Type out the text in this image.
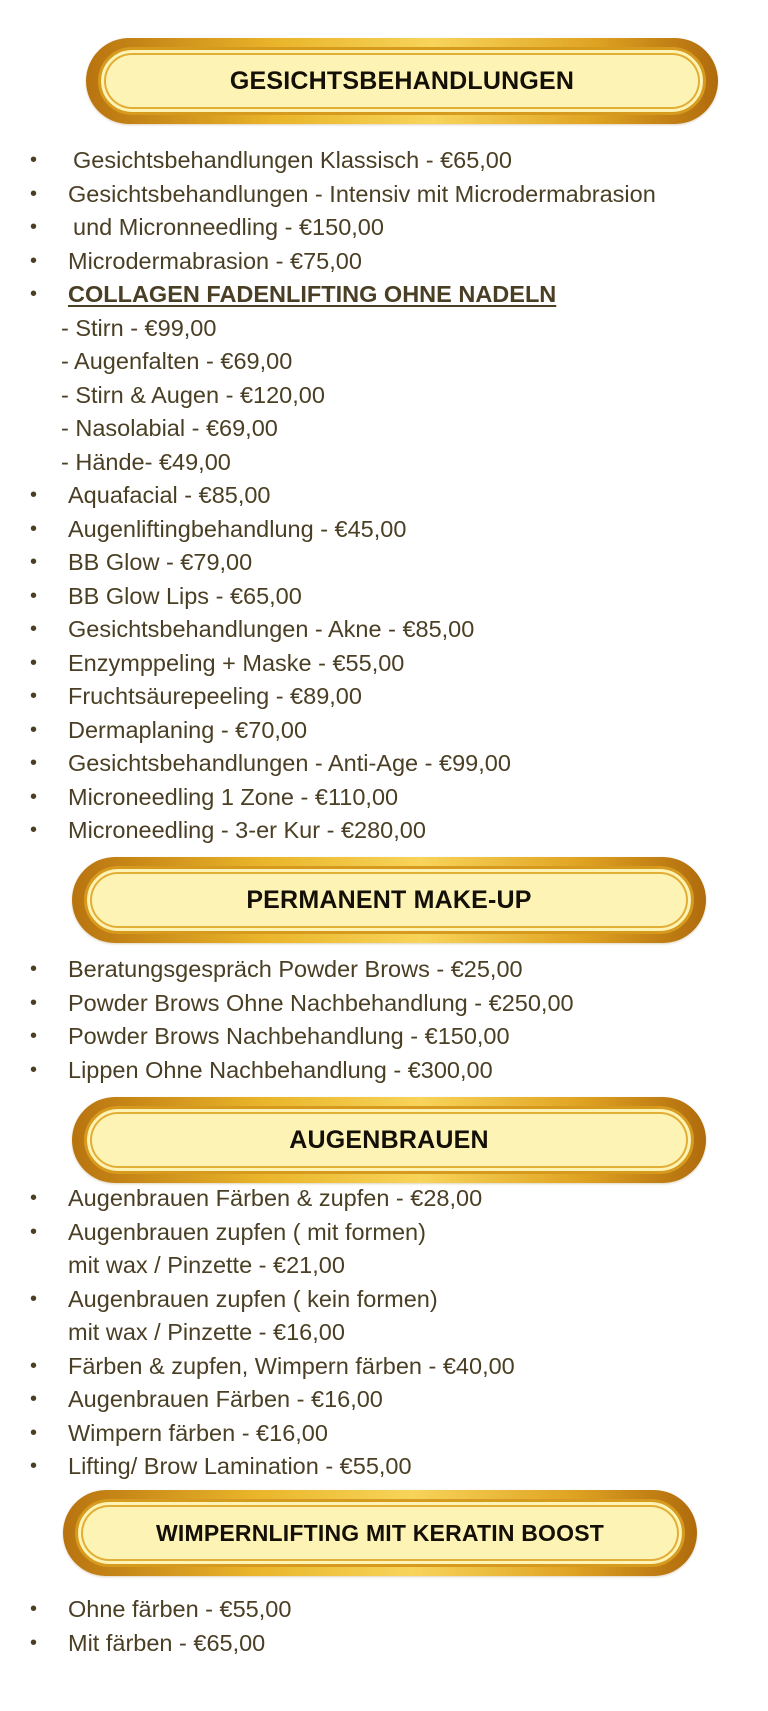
GESICHTSBEHANDLUNGEN
• Gesichtsbehandlungen Klassisch - €65,00
• Gesichtsbehandlungen - Intensiv mit Microdermabrasion
• und Micronneedling - €150,00
• Microdermabrasion - €75,00
• COLLAGEN FADENLIFTING OHNE NADELN
- Stirn - €99,00
- Augenfalten - €69,00
- Stirn & Augen - €120,00
- Nasolabial - €69,00
- Hände- €49,00
• Aquafacial - €85,00
• Augenliftingbehandlung - €45,00
• BB Glow - €79,00
• BB Glow Lips - €65,00
• Gesichtsbehandlungen - Akne - €85,00
• Enzymppeling + Maske - €55,00
• Fruchtsäurepeeling - €89,00
• Dermaplaning - €70,00
• Gesichtsbehandlungen - Anti-Age - €99,00
• Microneedling 1 Zone - €110,00
• Microneedling - 3-er Kur - €280,00
PERMANENT MAKE-UP
• Beratungsgespräch Powder Brows - €25,00
• Powder Brows Ohne Nachbehandlung - €250,00
• Powder Brows Nachbehandlung - €150,00
• Lippen Ohne Nachbehandlung - €300,00
AUGENBRAUEN
• Augenbrauen Färben & zupfen - €28,00
• Augenbrauen zupfen ( mit formen)
mit wax / Pinzette - €21,00
• Augenbrauen zupfen ( kein formen)
mit wax / Pinzette - €16,00
• Färben & zupfen, Wimpern färben - €40,00
• Augenbrauen Färben - €16,00
• Wimpern färben - €16,00
• Lifting/ Brow Lamination - €55,00
WIMPERNLIFTING MIT KERATIN BOOST
• Ohne färben - €55,00
• Mit färben - €65,00
